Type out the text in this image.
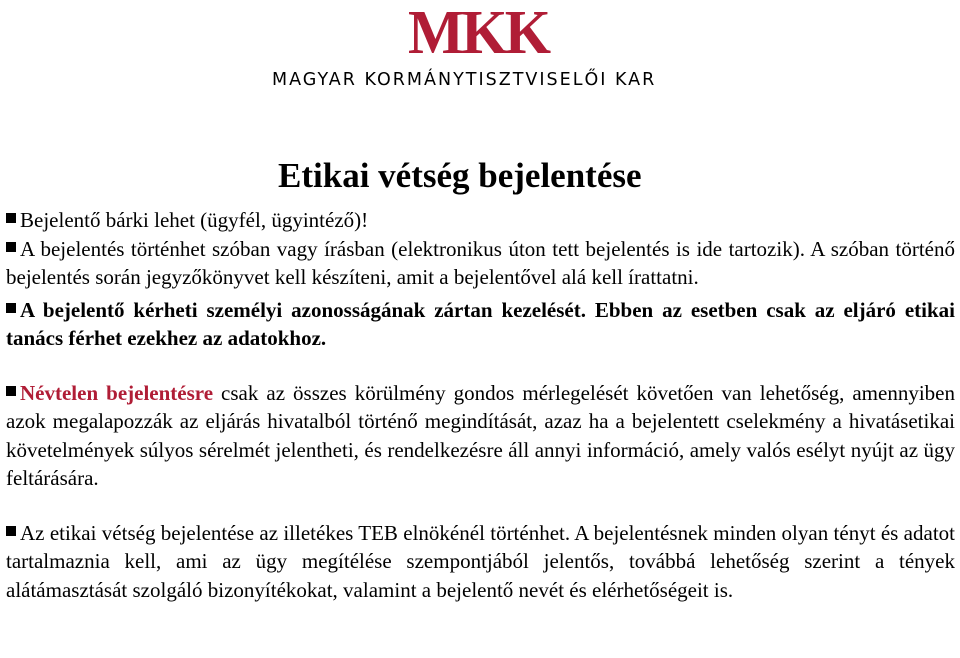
MKK
MAGYAR KORMÁNYTISZTVISELŐI KAR
Etikai vétség bejelentése

Bejelentő bárki lehet (ügyfél, ügyintéző)!

A bejelentés történhet szóban vagy írásban (elektronikus úton tett bejelentés is ide tartozik). A szóban történő bejelentés során jegyzőkönyvet kell készíteni, amit a bejelentővel alá kell írattatni.

A bejelentő kérheti személyi azonosságának zártan kezelését. Ebben az esetben csak az eljáró etikai tanács férhet ezekhez az adatokhoz.

Névtelen bejelentésre csak az összes körülmény gondos mérlegelését követően van lehetőség, amennyiben azok megalapozzák az eljárás hivatalból történő megindítását, azaz ha a bejelentett cselekmény a hivatásetikai követelmények súlyos sérelmét jelentheti, és rendelkezésre áll annyi információ, amely valós esélyt nyújt az ügy feltárására.

Az etikai vétség bejelentése az illetékes TEB elnökénél történhet. A bejelentésnek minden olyan tényt és adatot tartalmaznia kell, ami az ügy megítélése szempontjából jelentős, továbbá lehetőség szerint a tények alátámasztását szolgáló bizonyítékokat, valamint a bejelentő nevét és elérhetőségeit is.
